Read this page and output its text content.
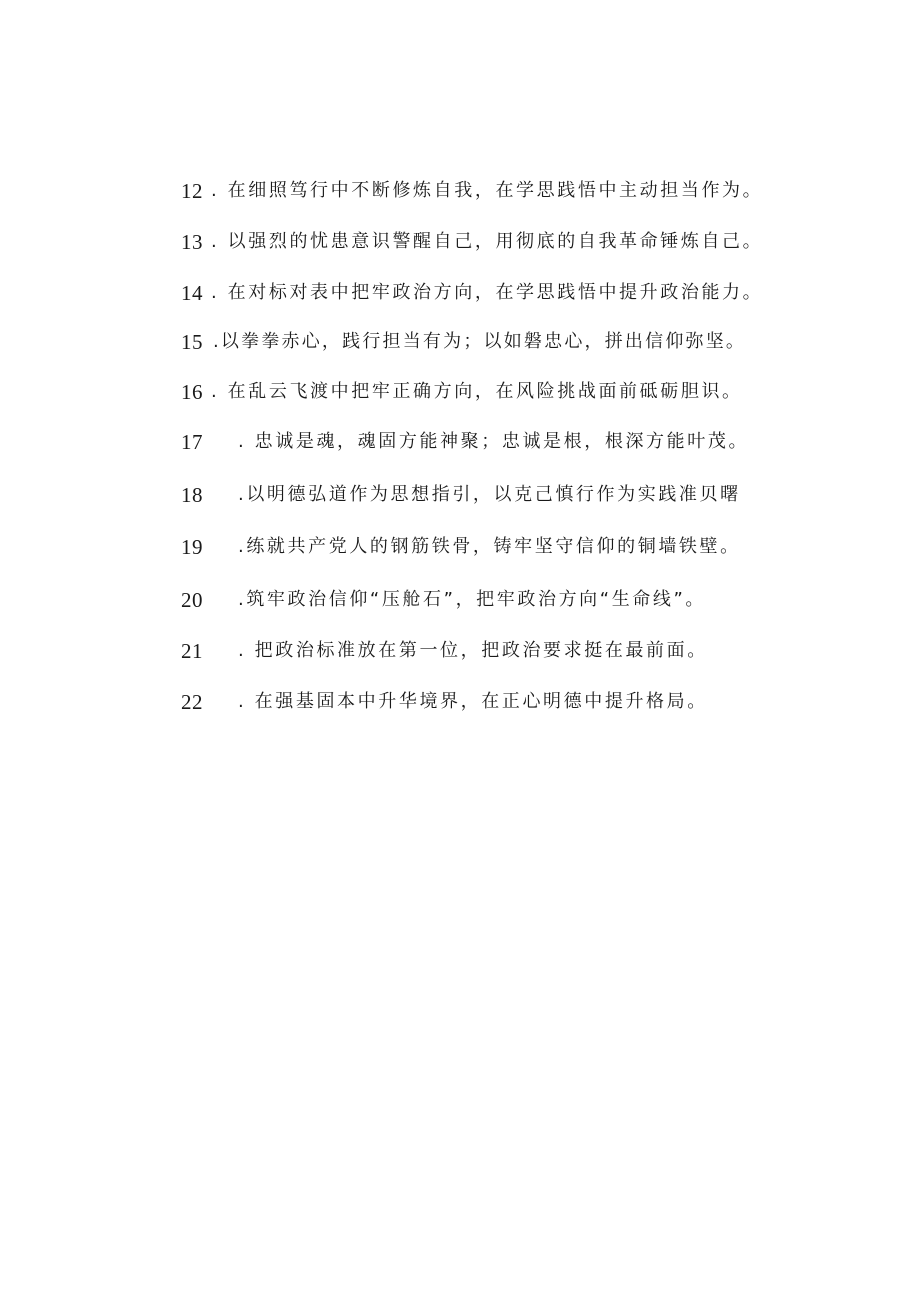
12 . 在细照笃行中不断修炼自我，在学思践悟中主动担当作为。
13 . 以强烈的忧患意识警醒自己，用彻底的自我革命锤炼自己。
14 . 在对标对表中把牢政治方向，在学思践悟中提升政治能力。
15 .以拳拳赤心，践行担当有为；以如磐忠心，拼出信仰弥坚。
16 . 在乱云飞渡中把牢正确方向，在风险挑战面前砥砺胆识。
17 . 忠诚是魂，魂固方能神聚；忠诚是根，根深方能叶茂。
18 .以明德弘道作为思想指引，以克己慎行作为实践准贝曙
19 .练就共产党人的钢筋铁骨，铸牢坚守信仰的铜墙铁壁。
20 .筑牢政治信仰“压舱石”，把牢政治方向“生命线”。
21 . 把政治标准放在第一位，把政治要求挺在最前面。
22 . 在强基固本中升华境界，在正心明德中提升格局。
